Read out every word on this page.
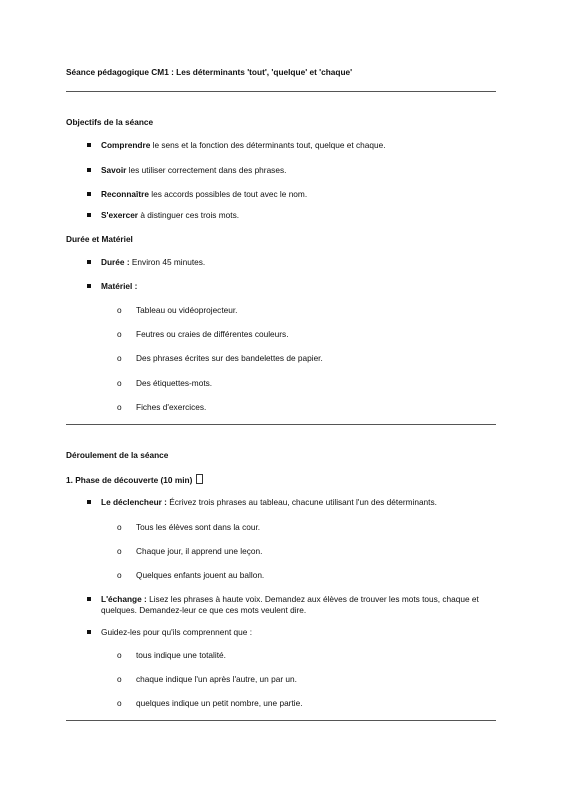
Séance pédagogique CM1 : Les déterminants 'tout', 'quelque' et 'chaque'
Objectifs de la séance
Comprendre le sens et la fonction des déterminants tout, quelque et chaque.
Savoir les utiliser correctement dans des phrases.
Reconnaître les accords possibles de tout avec le nom.
S'exercer à distinguer ces trois mots.
Durée et Matériel
Durée : Environ 45 minutes.
Matériel :
o Tableau ou vidéoprojecteur.
o Feutres ou craies de différentes couleurs.
o Des phrases écrites sur des bandelettes de papier.
o Des étiquettes-mots.
o Fiches d'exercices.
Déroulement de la séance
1. Phase de découverte (10 min)
Le déclencheur : Écrivez trois phrases au tableau, chacune utilisant l'un des déterminants.
o Tous les élèves sont dans la cour.
o Chaque jour, il apprend une leçon.
o Quelques enfants jouent au ballon.
L'échange : Lisez les phrases à haute voix. Demandez aux élèves de trouver les mots tous, chaque et
quelques. Demandez-leur ce que ces mots veulent dire.
Guidez-les pour qu'ils comprennent que :
o tous indique une totalité.
o chaque indique l'un après l'autre, un par un.
o quelques indique un petit nombre, une partie.
